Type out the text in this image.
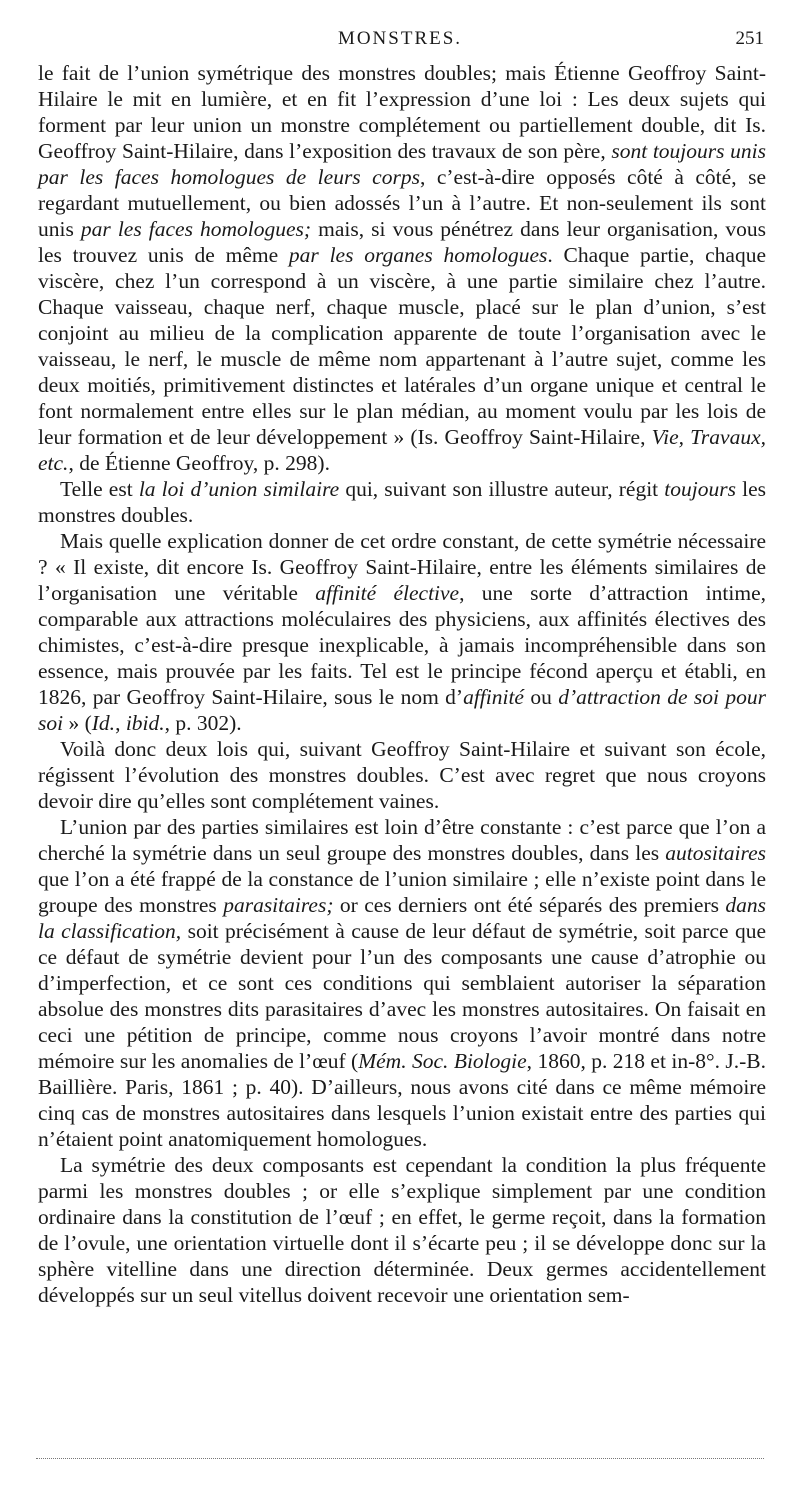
MONSTRES.	251

le fait de l’union symétrique des monstres doubles; mais Étienne Geoffroy Saint-Hilaire le mit en lumière, et en fit l’expression d’une loi : Les deux sujets qui forment par leur union un monstre complétement ou partiellement double, dit Is. Geoffroy Saint-Hilaire, dans l’exposition des travaux de son père, sont toujours unis par les faces homologues de leurs corps, c’est-à-dire opposés côté à côté, se regardant mutuellement, ou bien adossés l’un à l’autre. Et non-seulement ils sont unis par les faces homologues; mais, si vous pénétrez dans leur organisation, vous les trouvez unis de même par les organes homologues. Chaque partie, chaque viscère, chez l’un correspond à un viscère, à une partie similaire chez l’autre. Chaque vaisseau, chaque nerf, chaque muscle, placé sur le plan d’union, s’est conjoint au milieu de la complication apparente de toute l’organisation avec le vaisseau, le nerf, le muscle de même nom appartenant à l’autre sujet, comme les deux moitiés, primitivement distinctes et latérales d’un organe unique et central le font normalement entre elles sur le plan médian, au moment voulu par les lois de leur formation et de leur développement » (Is. Geoffroy Saint-Hilaire, Vie, Travaux, etc., de Étienne Geoffroy, p. 298).

Telle est la loi d’union similaire qui, suivant son illustre auteur, régit toujours les monstres doubles.

Mais quelle explication donner de cet ordre constant, de cette symétrie nécessaire ? « Il existe, dit encore Is. Geoffroy Saint-Hilaire, entre les éléments similaires de l’organisation une véritable affinité élective, une sorte d’attraction intime, comparable aux attractions moléculaires des physiciens, aux affinités électives des chimistes, c’est-à-dire presque inexplicable, à jamais incompréhensible dans son essence, mais prouvée par les faits. Tel est le principe fécond aperçu et établi, en 1826, par Geoffroy Saint-Hilaire, sous le nom d’affinité ou d’attraction de soi pour soi » (Id., ibid., p. 302).

Voilà donc deux lois qui, suivant Geoffroy Saint-Hilaire et suivant son école, régissent l’évolution des monstres doubles. C’est avec regret que nous croyons devoir dire qu’elles sont complétement vaines.

L’union par des parties similaires est loin d’être constante : c’est parce que l’on a cherché la symétrie dans un seul groupe des monstres doubles, dans les autositaires que l’on a été frappé de la constance de l’union similaire ; elle n’existe point dans le groupe des monstres parasitaires; or ces derniers ont été séparés des premiers dans la classification, soit précisément à cause de leur défaut de symétrie, soit parce que ce défaut de symétrie devient pour l’un des composants une cause d’atrophie ou d’imperfection, et ce sont ces conditions qui semblaient autoriser la séparation absolue des monstres dits parasitaires d’avec les monstres autositaires. On faisait en ceci une pétition de principe, comme nous croyons l’avoir montré dans notre mémoire sur les anomalies de l’œuf (Mém. Soc. Biologie, 1860, p. 218 et in-8°. J.-B. Baillière. Paris, 1861 ; p. 40). D’ailleurs, nous avons cité dans ce même mémoire cinq cas de monstres autositaires dans lesquels l’union existait entre des parties qui n’étaient point anatomiquement homologues.

La symétrie des deux composants est cependant la condition la plus fréquente parmi les monstres doubles ; or elle s’explique simplement par une condition ordinaire dans la constitution de l’œuf ; en effet, le germe reçoit, dans la formation de l’ovule, une orientation virtuelle dont il s’écarte peu ; il se développe donc sur la sphère vitelline dans une direction déterminée. Deux germes accidentellement développés sur un seul vitellus doivent recevoir une orientation sem-
